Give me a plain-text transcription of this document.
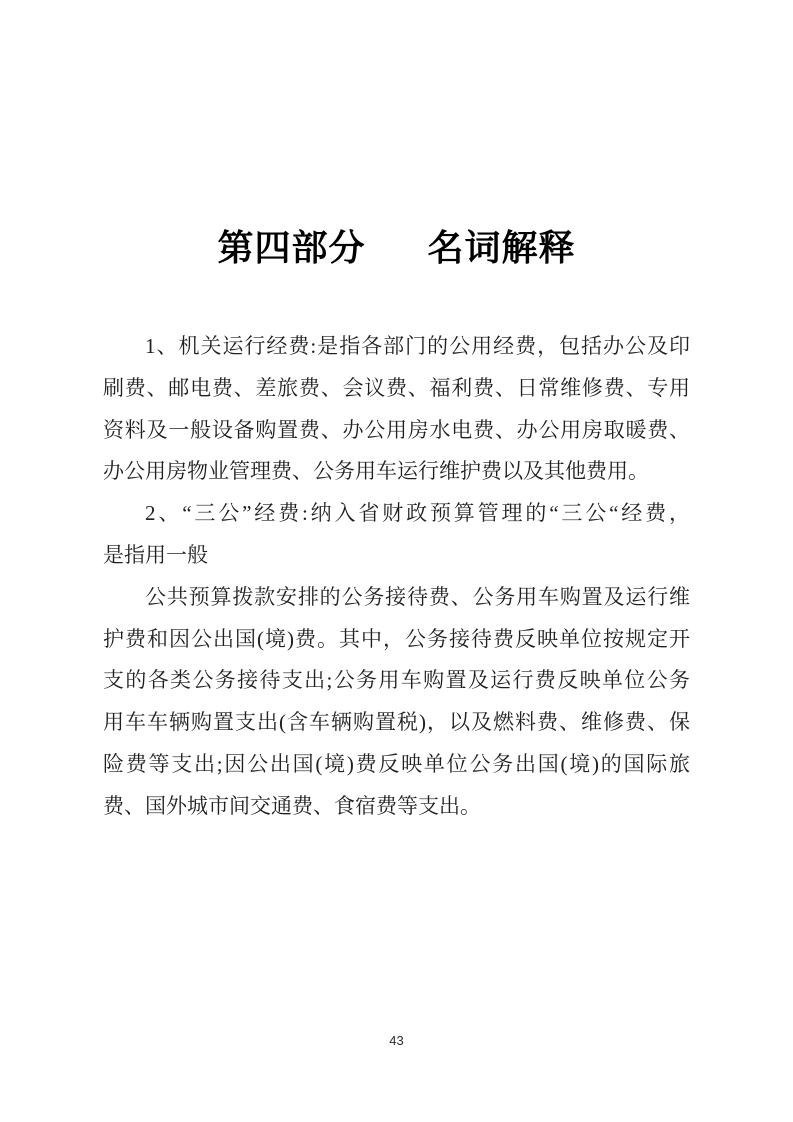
第四部分 名词解释
1、机关运行经费:是指各部门的公用经费，包括办公及印
刷费、邮电费、差旅费、会议费、福利费、日常维修费、专用
资料及一般设备购置费、办公用房水电费、办公用房取暖费、
办公用房物业管理费、公务用车运行维护费以及其他费用。
2、“三公”经费:纳入省财政预算管理的“三公“经费，
是指用一般
公共预算拨款安排的公务接待费、公务用车购置及运行维
护费和因公出国(境)费。其中，公务接待费反映单位按规定开
支的各类公务接待支出;公务用车购置及运行费反映单位公务
用车车辆购置支出(含车辆购置税)，以及燃料费、维修费、保
险费等支出;因公出国(境)费反映单位公务出国(境)的国际旅
费、国外城市间交通费、食宿费等支出。
43
